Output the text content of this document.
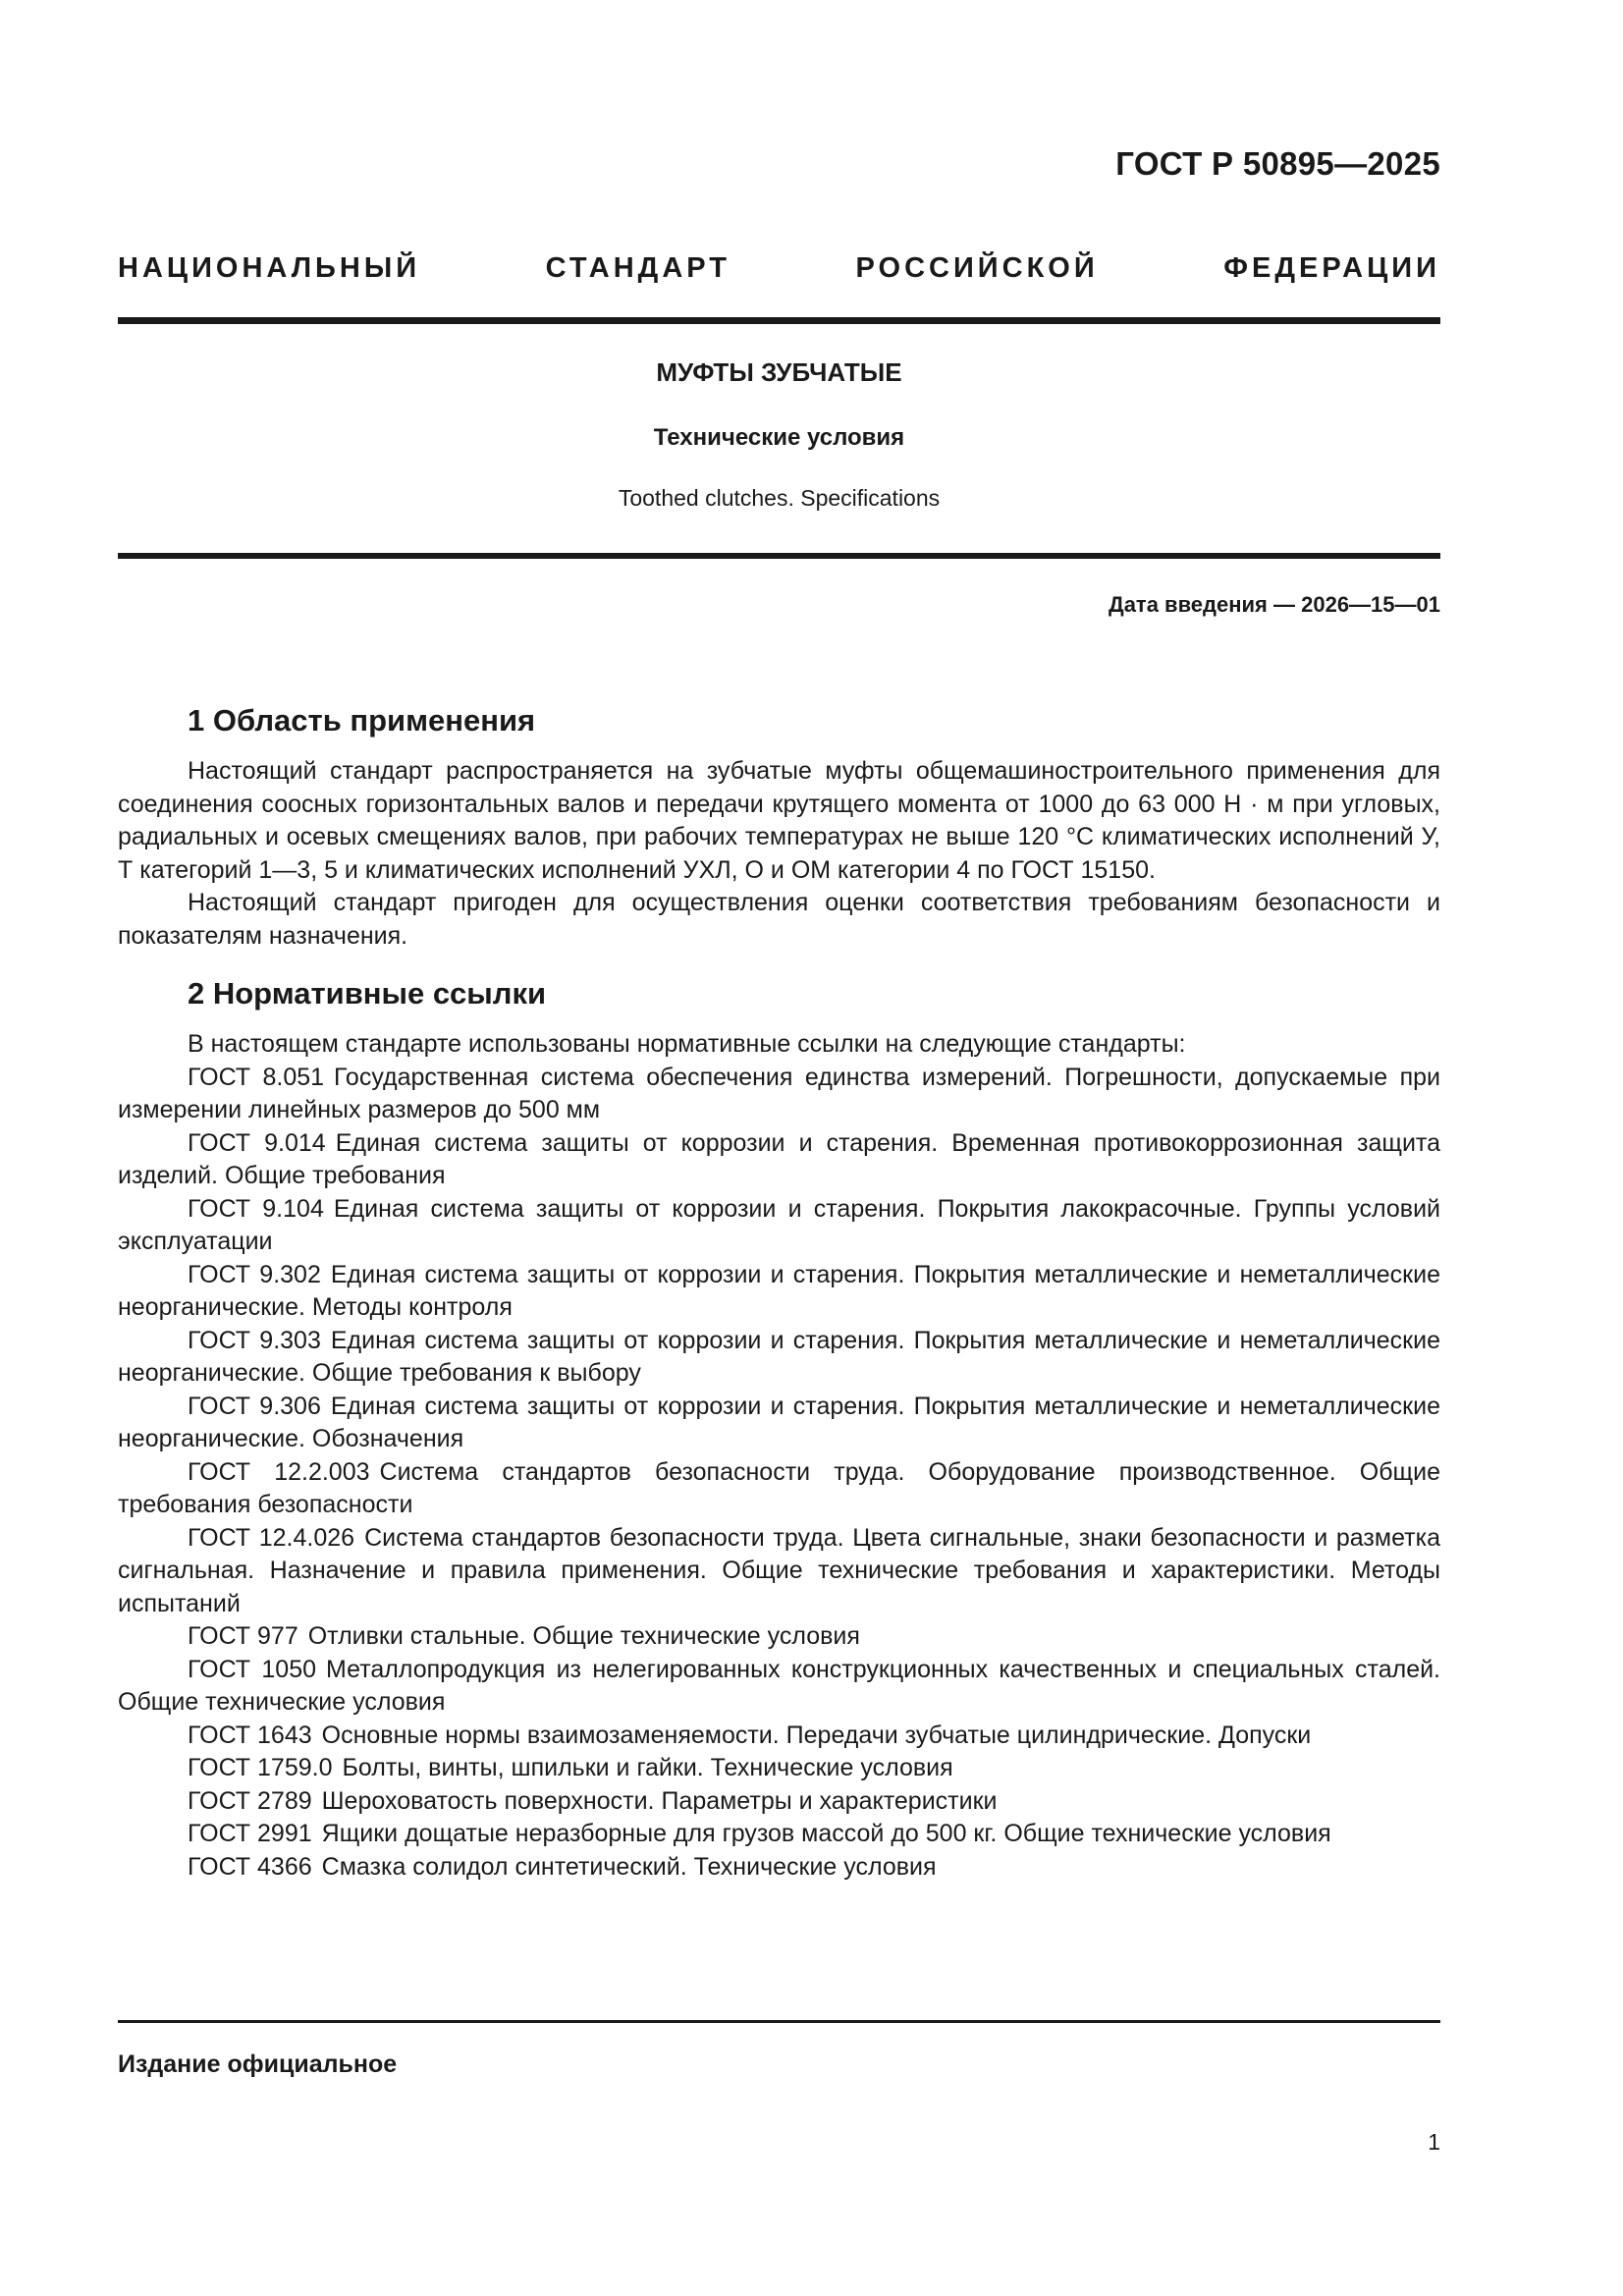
ГОСТ Р 50895—2025
НАЦИОНАЛЬНЫЙ СТАНДАРТ РОССИЙСКОЙ ФЕДЕРАЦИИ
МУФТЫ ЗУБЧАТЫЕ
Технические условия
Toothed clutches. Specifications
Дата введения — 2026—15—01
1 Область применения

Настоящий стандарт распространяется на зубчатые муфты общемашиностроительного применения для соединения соосных горизонтальных валов и передачи крутящего момента от 1000 до 63 000 Н · м при угловых, радиальных и осевых смещениях валов, при рабочих температурах не выше 120 °С климатических исполнений У, Т категорий 1—3, 5 и климатических исполнений УХЛ, О и ОМ категории 4 по ГОСТ 15150.

Настоящий стандарт пригоден для осуществления оценки соответствия требованиям безопасности и показателям назначения.

2 Нормативные ссылки

В настоящем стандарте использованы нормативные ссылки на следующие стандарты:

ГОСТ 8.051 Государственная система обеспечения единства измерений. Погрешности, допускаемые при измерении линейных размеров до 500 мм
ГОСТ 9.014 Единая система защиты от коррозии и старения. Временная противокоррозионная защита изделий. Общие требования
ГОСТ 9.104 Единая система защиты от коррозии и старения. Покрытия лакокрасочные. Группы условий эксплуатации
ГОСТ 9.302 Единая система защиты от коррозии и старения. Покрытия металлические и неметаллические неорганические. Методы контроля
ГОСТ 9.303 Единая система защиты от коррозии и старения. Покрытия металлические и неметаллические неорганические. Общие требования к выбору
ГОСТ 9.306 Единая система защиты от коррозии и старения. Покрытия металлические и неметаллические неорганические. Обозначения
ГОСТ 12.2.003 Система стандартов безопасности труда. Оборудование производственное. Общие требования безопасности
ГОСТ 12.4.026 Система стандартов безопасности труда. Цвета сигнальные, знаки безопасности и разметка сигнальная. Назначение и правила применения. Общие технические требования и характеристики. Методы испытаний
ГОСТ 977 Отливки стальные. Общие технические условия
ГОСТ 1050 Металлопродукция из нелегированных конструкционных качественных и специальных сталей. Общие технические условия
ГОСТ 1643 Основные нормы взаимозаменяемости. Передачи зубчатые цилиндрические. Допуски
ГОСТ 1759.0 Болты, винты, шпильки и гайки. Технические условия
ГОСТ 2789 Шероховатость поверхности. Параметры и характеристики
ГОСТ 2991 Ящики дощатые неразборные для грузов массой до 500 кг. Общие технические условия
ГОСТ 4366 Смазка солидол синтетический. Технические условия
Издание официальное
1
